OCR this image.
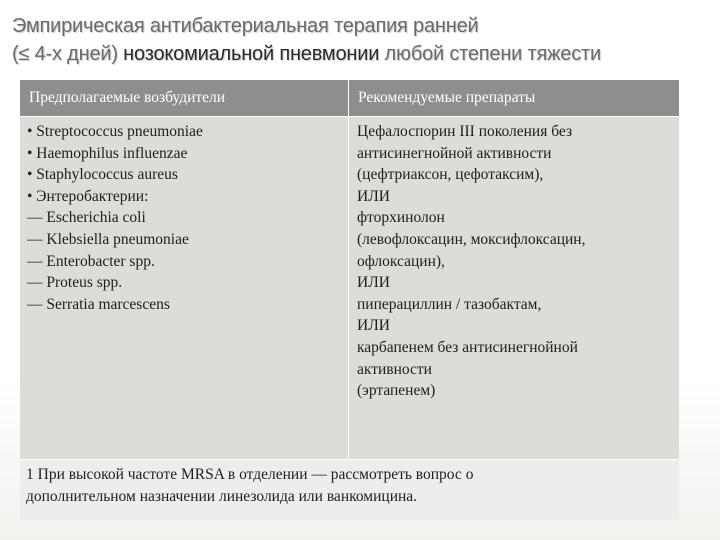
Эмпирическая антибактериальная терапия ранней
(≤ 4-х дней) нозокомиальной пневмонии любой степени тяжести
Предполагаемые возбудители	Рекомендуемые препараты
• Streptococcus pneumoniae
• Haemophilus influenzae
• Staphylococcus aureus
• Энтеробактерии:
— Escherichia coli
— Klebsiella pneumoniae
— Enterobacter spp.
— Proteus spp.
— Serratia marcescens
Цефалоспорин III поколения без
антисинегнойной активности
(цефтриаксон, цефотаксим),
ИЛИ
фторхинолон
(левофлоксацин, моксифлоксацин,
офлоксацин),
ИЛИ
пиперациллин / тазобактам,
ИЛИ
карбапенем без антисинегнойной
активности
(эртапенем)
1 При высокой частоте MRSA в отделении — рассмотреть вопрос о
дополнительном назначении линезолида или ванкомицина.
